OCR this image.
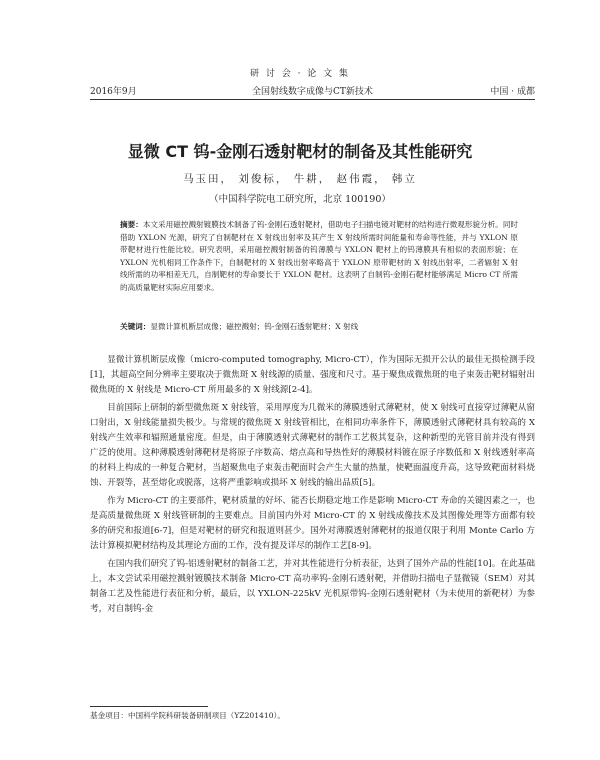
研 讨 会 · 论 文 集
2016年9月	全国射线数字成像与CT新技术	中国 · 成都
显微 CT 钨-金刚石透射靶材的制备及其性能研究
马玉田， 刘俊标， 牛耕， 赵伟霞， 韩立
（中国科学院电工研究所，北京 100190）
摘要：本文采用磁控溅射镀膜技术制备了钨-金刚石透射靶材，借助电子扫描电镜对靶材的结构进行微观形貌分析。同时借助 YXLON 光源，研究了自制靶材在 X 射线出射率及其产生 X 射线所需时间能量和寿命等性能，并与 YXLON 原带靶材进行性能比较。研究表明，采用磁控溅射制备的钨薄膜与 YXLON 靶材上的钨薄膜具有相似的表面形貌；在 YXLON 光机相同工作条件下，自制靶材的 X 射线出射率略高于 YXLON 原带靶材的 X 射线出射率，二者辐射 X 射线所需的功率相差无几，自制靶材的寿命要长于 YXLON 靶材。这表明了自制钨-金刚石靶材能够满足 Micro CT 所需的高质量靶材实际应用要求。
关键词：显微计算机断层成像；磁控溅射；钨-金刚石透射靶材；X 射线

显微计算机断层成像（micro-computed tomography, Micro-CT），作为国际无损开公认的最佳无损检测手段[1]，其超高空间分辨率主要取决于微焦斑 X 射线源的质量、强度和尺寸。基于聚焦成微焦斑的电子束轰击靶材辐射出微焦斑的 X 射线是 Micro-CT 所用最多的 X 射线源[2-4]。

目前国际上研制的新型微焦斑 X 射线管，采用厚度为几微米的薄膜透射式薄靶材，使 X 射线可直接穿过薄靶从窗口射出，X 射线能量损失极少。与常规的微焦斑 X 射线管相比，在相同功率条件下，薄膜透射式薄靶材具有较高的 X 射线产生效率和辐照通量密度。但是，由于薄膜透射式薄靶材的制作工艺极其复杂，这种新型的光管目前并没有得到广泛的使用。这种薄膜透射薄靶材是将原子序数高、熔点高和导热性好的薄膜材料镀在原子序数低和 X 射线透射率高的材料上构成的一种复合靶材，当超聚焦电子束轰击靶面时会产生大量的热量，使靶面温度升高，这导致靶面材料烧蚀、开裂等，甚至熔化或脱落，这将严重影响或损坏 X 射线的输出品质[5]。

作为 Micro-CT 的主要部件，靶材质量的好坏、能否长期稳定地工作是影响 Micro-CT 寿命的关键因素之一，也是高质量微焦斑 X 射线管研制的主要难点。目前国内外对 Micro-CT 的 X 射线成像技术及其图像处理等方面都有较多的研究和报道[6-7]，但是对靶材的研究和报道则甚少。国外对薄膜透射薄靶材的报道仅限于利用 Monte Carlo 方法计算模拟靶材结构及其理论方面的工作，没有提及详尽的制作工艺[8-9]。

在国内我们研究了钨-铝透射靶材的制备工艺，并对其性能进行分析表征，达到了国外产品的性能[10]。在此基础上，本文尝试采用磁控溅射镀膜技术制备 Micro-CT 高功率钨-金刚石透射靶，并借助扫描电子显微镜（SEM）对其制备工艺及性能进行表征和分析，最后，以 YXLON-225kV 光机原带钨-金刚石透射靶材（为未使用的新靶材）为参考，对自制钨-金

基金项目：中国科学院科研装备研制项目（YZ201410）。
